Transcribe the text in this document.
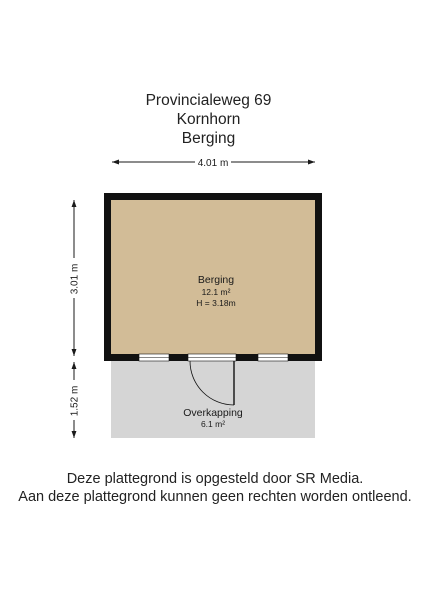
Provincialeweg 69
Kornhorn
Berging
4.01 m
3.01 m
1.52 m
Berging
12.1 m²
H = 3.18m
Overkapping
6.1 m²
Deze plattegrond is opgesteld door SR Media.
Aan deze plattegrond kunnen geen rechten worden ontleend.
